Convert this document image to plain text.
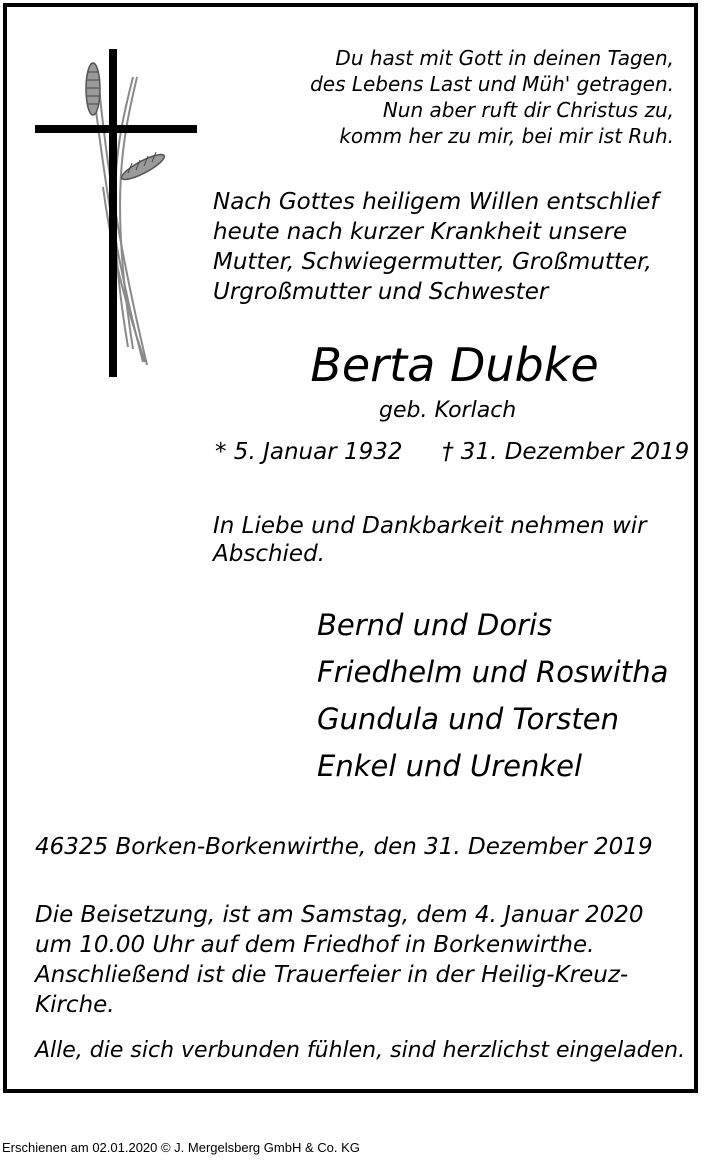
Du hast mit Gott in deinen Tagen,
des Lebens Last und Müh' getragen.
Nun aber ruft dir Christus zu,
komm her zu mir, bei mir ist Ruh.
Nach Gottes heiligem Willen entschlief
heute nach kurzer Krankheit unsere
Mutter, Schwiegermutter, Großmutter,
Urgroßmutter und Schwester
Berta Dubke
geb. Korlach
* 5. Januar 1932 † 31. Dezember 2019
In Liebe und Dankbarkeit nehmen wir
Abschied.
Bernd und Doris
Friedhelm und Roswitha
Gundula und Torsten
Enkel und Urenkel
46325 Borken-Borkenwirthe, den 31. Dezember 2019
Die Beisetzung, ist am Samstag, dem 4. Januar 2020
um 10.00 Uhr auf dem Friedhof in Borkenwirthe.
Anschließend ist die Trauerfeier in der Heilig-Kreuz-
Kirche.
Alle, die sich verbunden fühlen, sind herzlichst eingeladen.
Erschienen am 02.01.2020 © J. Mergelsberg GmbH & Co. KG
